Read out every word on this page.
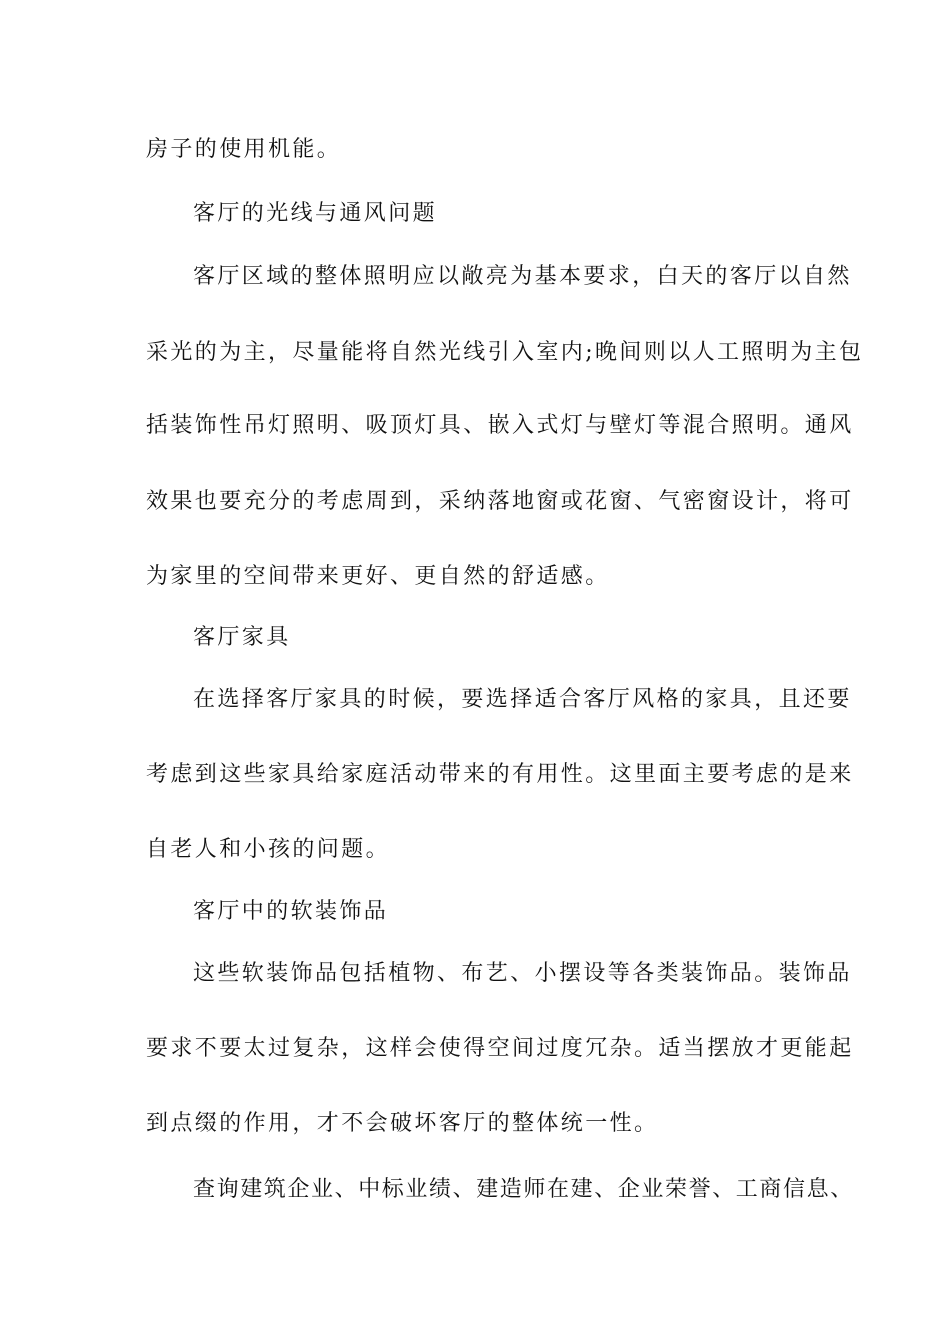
房子的使用机能。
客厅的光线与通风问题
客厅区域的整体照明应以敞亮为基本要求，白天的客厅以自然
采光的为主，尽量能将自然光线引入室内;晚间则以人工照明为主包
括装饰性吊灯照明、吸顶灯具、嵌入式灯与壁灯等混合照明。通风
效果也要充分的考虑周到，采纳落地窗或花窗、气密窗设计，将可
为家里的空间带来更好、更自然的舒适感。
客厅家具
在选择客厅家具的时候，要选择适合客厅风格的家具，且还要
考虑到这些家具给家庭活动带来的有用性。这里面主要考虑的是来
自老人和小孩的问题。
客厅中的软装饰品
这些软装饰品包括植物、布艺、小摆设等各类装饰品。装饰品
要求不要太过复杂，这样会使得空间过度冗杂。适当摆放才更能起
到点缀的作用，才不会破坏客厅的整体统一性。
查询建筑企业、中标业绩、建造师在建、企业荣誉、工商信息、
